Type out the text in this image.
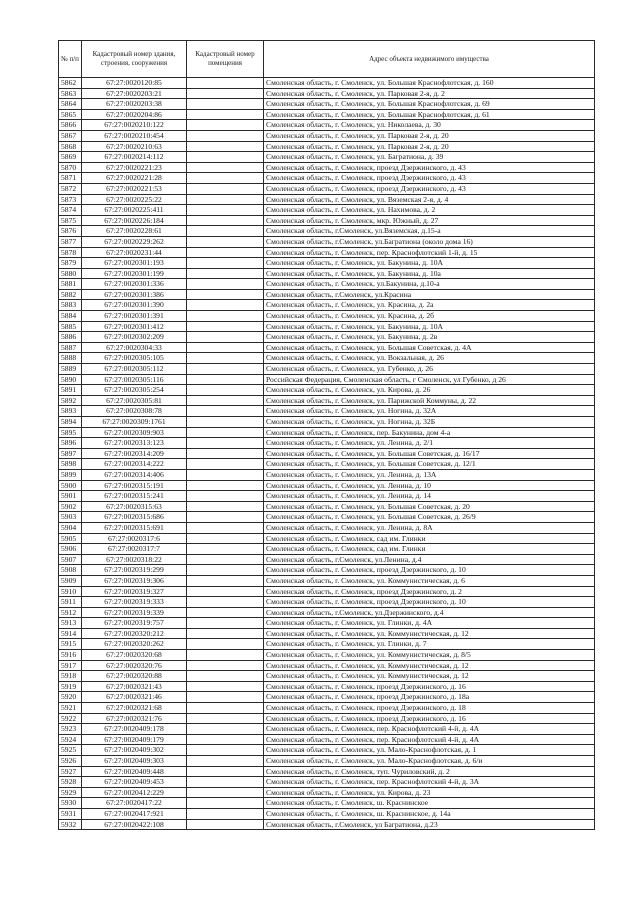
№ п/п	Кадастровый номер здания, строения, сооружения	Кадастровый номер помещения	Адрес объекта недвижимого имущества
5862	67:27:0020120:85		Смоленская область, г. Смоленск, ул. Большая Краснофлотская, д. 160
5863	67:27:0020203:21		Смоленская область, г. Смоленск, ул. Парковая 2-я, д. 2
5864	67:27:0020203:38		Смоленская область, г. Смоленск, ул. Большая Краснофлотская, д. 69
5865	67:27:0020204:86		Смоленская область, г. Смоленск, ул. Большая Краснофлотская, д. 61
5866	67:27:0020210:122		Смоленская область, г. Смоленск, ул. Николаева, д. 30
5867	67:27:0020210:454		Смоленская область, г. Смоленск, ул. Парковая 2-я, д. 20
5868	67:27:0020210:63		Смоленская область, г. Смоленск, ул. Парковая 2-я, д. 20
5869	67:27:0020214:112		Смоленская область, г. Смоленск, ул. Багратиона, д. 39
5870	67:27:0020221:23		Смоленская область, г. Смоленск, проезд Дзержинского, д. 43
5871	67:27:0020221:28		Смоленская область, г. Смоленск, проезд Дзержинского, д. 43
5872	67:27:0020221:53		Смоленская область, г. Смоленск, проезд Дзержинского, д. 43
5873	67:27:0020225:22		Смоленская область, г. Смоленск, ул. Вяземская 2-я, д. 4
5874	67:27:0020225:411		Смоленская область, г. Смоленск, ул. Нахимова, д. 2
5875	67:27:0020226:184		Смоленская область, г. Смоленск, мкр. Южный, д. 27
5876	67:27:0020228:61		Смоленская область, г.Смоленск, ул.Вяземская, д.15-а
5877	67:27:0020229:262		Смоленская область, г.Смоленск, ул.Багратиона (около дома 16)
5878	67:27:0020231:44		Смоленская область, г. Смоленск, пер. Краснофлотский 1-й, д. 15
5879	67:27:0020301:193		Смоленская область, г. Смоленск, ул. Бакунина, д. 10А
5880	67:27:0020301:199		Смоленская область, г. Смоленск, ул. Бакунина, д. 10а
5881	67:27:0020301:336		Смоленская область, г. Смоленск, ул.Бакунина, д.10-а
5882	67:27:0020301:386		Смоленская область, г.Смоленск, ул.Красина
5883	67:27:0020301:390		Смоленская область, г. Смоленск, ул. Красина, д. 2а
5884	67:27:0020301:391		Смоленская область, г. Смоленск, ул. Красина, д. 2б
5885	67:27:0020301:412		Смоленская область, г. Смоленск, ул. Бакунина, д. 10А
5886	67:27:0020302:209		Смоленская область, г. Смоленск, ул. Бакунина, д. 2в
5887	67:27:0020304:33		Смоленская область, г. Смоленск, ул. Большая Советская, д. 4А
5888	67:27:0020305:105		Смоленская область, г. Смоленск, ул. Вокзальная, д. 26
5889	67:27:0020305:112		Смоленская область, г. Смоленск, ул. Губенко, д. 26
5890	67:27:0020305:116		Российская Федерация, Смоленская область, г Смоленск, ул Губенко, д 26
5891	67:27:0020305:254		Смоленская область, г. Смоленск, ул. Кирова, д. 26
5892	67:27:0020305:81		Смоленская область, г. Смоленск, ул. Парижской Коммуны, д. 22
5893	67:27:0020308:78		Смоленская область, г. Смоленск, ул. Ногина, д. 32А
5894	67:27:0020309:1761		Смоленская область, г. Смоленск, ул. Ногина, д. 32Б
5895	67:27:0020309:903		Смоленская область, г. Смоленск, пер. Бакунина, дом 4-а
5896	67:27:0020313:123		Смоленская область, г. Смоленск, ул. Ленина, д. 2/1
5897	67:27:0020314:209		Смоленская область, г. Смоленск, ул. Большая Советская, д. 16/17
5898	67:27:0020314:222		Смоленская область, г. Смоленск, ул. Большая Советская, д. 12/1
5899	67:27:0020314:406		Смоленская область, г. Смоленск, ул. Ленина, д. 13А
5900	67:27:0020315:191		Смоленская область, г. Смоленск, ул. Ленина, д. 10
5901	67:27:0020315:241		Смоленская область, г. Смоленск, ул. Ленина, д. 14
5902	67:27:0020315:63		Смоленская область, г. Смоленск, ул. Большая Советская, д. 20
5903	67:27:0020315:686		Смоленская область, г. Смоленск, ул. Большая Советская, д. 26/9
5904	67:27:0020315:691		Смоленская область, г. Смоленск, ул. Ленина, д. 8А
5905	67:27:0020317:6		Смоленская область, г. Смоленск, сад им. Глинки
5906	67:27:0020317:7		Смоленская область, г. Смоленск, сад им. Глинки
5907	67:27:0020318:22		Смоленская область, г.Смоленск, ул.Ленина, д.4
5908	67:27:0020319:299		Смоленская область, г. Смоленск, проезд Дзержинского, д. 10
5909	67:27:0020319:306		Смоленская область, г. Смоленск, ул. Коммунистическая, д. 6
5910	67:27:0020319:327		Смоленская область, г. Смоленск, проезд Дзержинского, д. 2
5911	67:27:0020319:333		Смоленская область, г. Смоленск, проезд Дзержинского, д. 10
5912	67:27:0020319:339		Смоленская область, г.Смоленск, ул.Дзержинского, д.4
5913	67:27:0020319:757		Смоленская область, г. Смоленск, ул. Глинки, д. 4А
5914	67:27:0020320:212		Смоленская область, г. Смоленск, ул. Коммунистическая, д. 12
5915	67:27:0020320:262		Смоленская область, г. Смоленск, ул. Глинки, д. 7
5916	67:27:0020320:68		Смоленская область, г. Смоленск, ул. Коммунистическая, д. 8/5
5917	67:27:0020320:76		Смоленская область, г. Смоленск, ул. Коммунистическая, д. 12
5918	67:27:0020320:88		Смоленская область, г. Смоленск, ул. Коммунистическая, д. 12
5919	67:27:0020321:43		Смоленская область, г. Смоленск, проезд Дзержинского, д. 16
5920	67:27:0020321:46		Смоленская область, г. Смоленск, проезд Дзержинского, д. 18а
5921	67:27:0020321:68		Смоленская область, г. Смоленск, проезд Дзержинского, д. 18
5922	67:27:0020321:76		Смоленская область, г. Смоленск, проезд Дзержинского, д. 16
5923	67:27:0020409:178		Смоленская область, г. Смоленск, пер. Краснофлотский 4-й, д. 4А
5924	67:27:0020409:179		Смоленская область, г. Смоленск, пер. Краснофлотский 4-й, д. 4А
5925	67:27:0020409:302		Смоленская область, г. Смоленск, ул. Мало-Краснофлотская, д. 1
5926	67:27:0020409:303		Смоленская область, г. Смоленск, ул. Мало-Краснофлотская, д. 6/и
5927	67:27:0020409:448		Смоленская область, г. Смоленск, туп. Чуриловский, д. 2
5928	67:27:0020409:453		Смоленская область, г. Смоленск, пер. Краснофлотский 4-й, д. 3А
5929	67:27:0020412:229		Смоленская область, г. Смоленск, ул. Кирова, д. 23
5930	67:27:0020417:22		Смоленская область, г. Смоленск, ш. Краснинское
5931	67:27:0020417:921		Смоленская область, г. Смоленск, ш. Краснинское, д. 14а
5932	67:27:0020422:108		Смоленская область, г.Смоленск, ул Багратиона, д.23
